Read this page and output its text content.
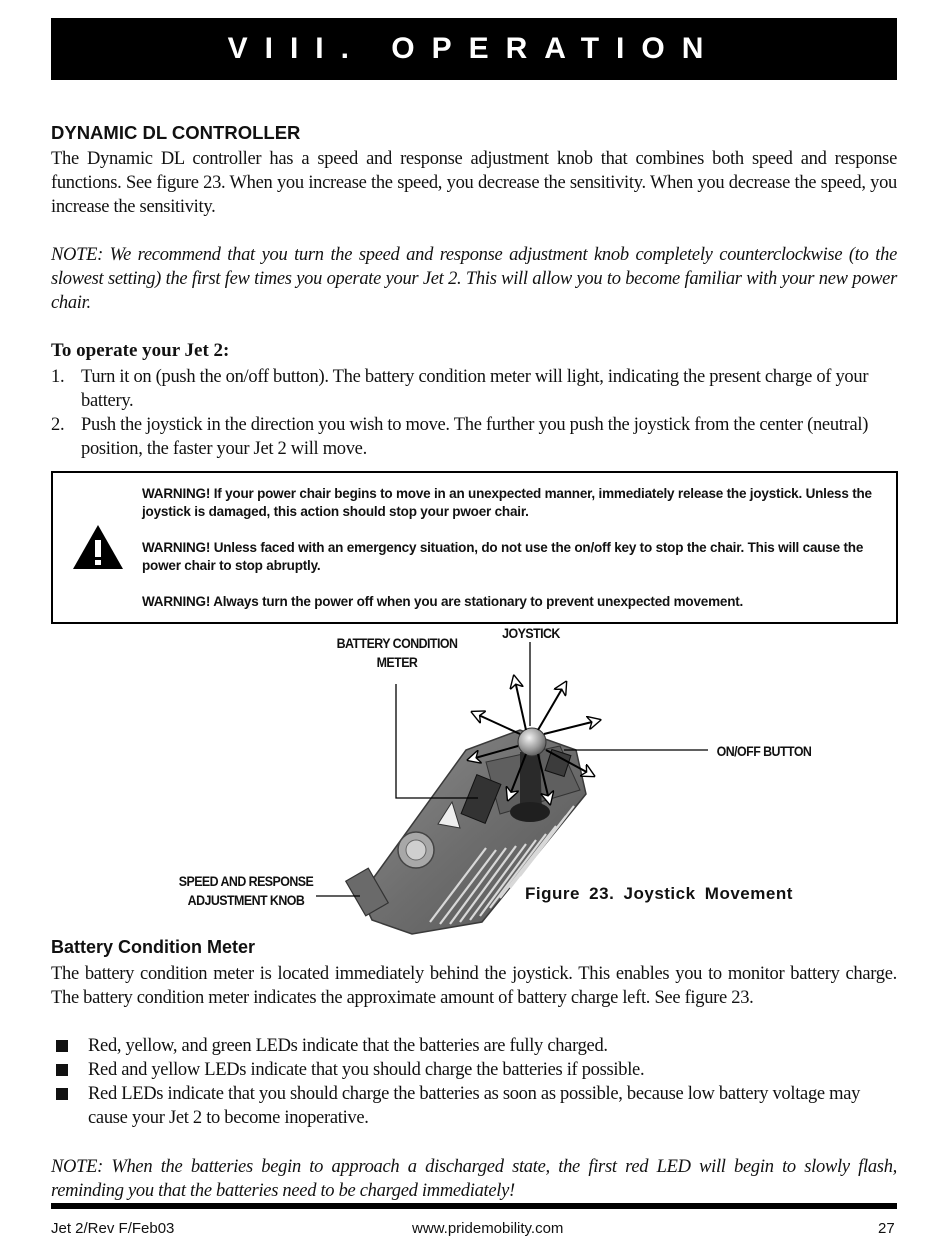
VIII. OPERATION
DYNAMIC DL CONTROLLER
The Dynamic DL controller has a speed and response adjustment knob that combines both speed and response functions. See figure 23. When you increase the speed, you decrease the sensitivity. When you decrease the speed, you increase the sensitivity.
NOTE: We recommend that you turn the speed and response adjustment knob completely counterclockwise (to the slowest setting) the first few times you operate your Jet 2. This will allow you to become familiar with your new power chair.
To operate your Jet 2:
1. Turn it on (push the on/off button). The battery condition meter will light, indicating the present charge of your battery.
2. Push the joystick in the direction you wish to move. The further you push the joystick from the center (neutral) position, the faster your Jet 2 will move.

WARNING! If your power chair begins to move in an unexpected manner, immediately release the joystick. Unless the joystick is damaged, this action should stop your pwoer chair.

WARNING! Unless faced with an emergency situation, do not use the on/off key to stop the chair. This will cause the power chair to stop abruptly.

WARNING! Always turn the power off when you are stationary to prevent unexpected movement.

BATTERY CONDITION
METER
JOYSTICK
ON/OFF BUTTON
SPEED AND RESPONSE
ADJUSTMENT KNOB	Figure 23. Joystick Movement
Battery Condition Meter
The battery condition meter is located immediately behind the joystick. This enables you to monitor battery charge. The battery condition meter indicates the approximate amount of battery charge left. See figure 23.
Red, yellow, and green LEDs indicate that the batteries are fully charged.
Red and yellow LEDs indicate that you should charge the batteries if possible.
Red LEDs indicate that you should charge the batteries as soon as possible, because low battery voltage may cause your Jet 2 to become inoperative.
NOTE: When the batteries begin to approach a discharged state, the first red LED will begin to slowly flash, reminding you that the batteries need to be charged immediately!
Jet 2/Rev F/Feb03	www.pridemobility.com	27
